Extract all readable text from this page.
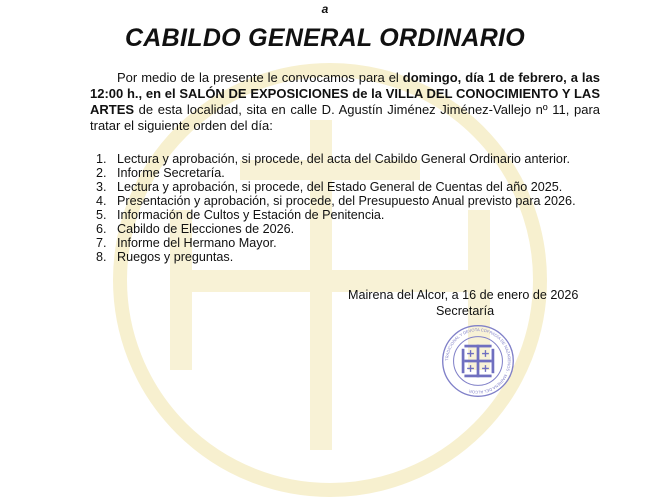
a
CABILDO GENERAL ORDINARIO
Por medio de la presente le convocamos para el domingo, día 1 de febrero, a las 12:00 h., en el SALÓN DE EXPOSICIONES de la VILLA DEL CONOCIMIENTO Y LAS ARTES de esta localidad, sita en calle D. Agustín Jiménez Jiménez-Vallejo nº 11, para tratar el siguiente orden del día:
1. Lectura y aprobación, si procede, del acta del Cabildo General Ordinario anterior.
2. Informe Secretaría.
3. Lectura y aprobación, si procede, del Estado General de Cuentas del año 2025.
4. Presentación y aprobación, si procede, del Presupuesto Anual previsto para 2026.
5. Información de Cultos y Estación de Penitencia.
6. Cabildo de Elecciones de 2026.
7. Informe del Hermano Mayor.
8. Ruegos y preguntas.
Mairena del Alcor, a 16 de enero de 2026
Secretaría
TRADICIONAL Y DEVOTA COFRADÍA DE NAZARENOS · MAIRENA DEL ALCOR
